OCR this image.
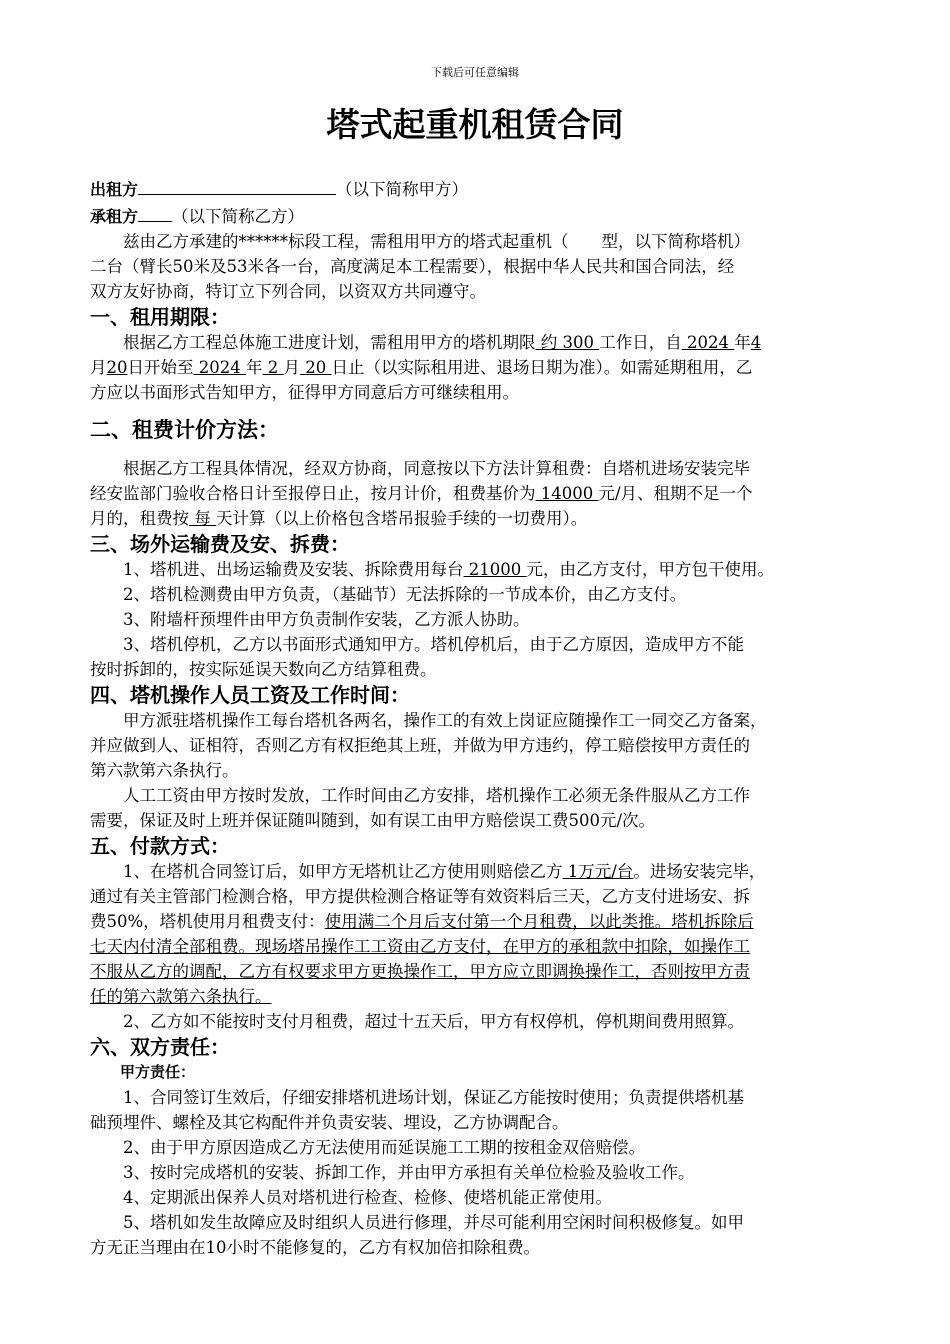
下载后可任意编辑
塔式起重机租赁合同

出租方	（以下简称甲方）

承租方 （以下简称乙方）

兹由乙方承建的******标段工程，需租用甲方的塔式起重机（　　型，以下简称塔机）

二台（臂长50米及53米各一台，高度满足本工程需要），根据中华人民共和国合同法，经

双方友好协商，特订立下列合同，以资双方共同遵守。

一、租用期限：

根据乙方工程总体施工进度计划，需租用甲方的塔机期限 约 300 工作日，自 2024 年4
月20日开始至 2024 年 2 月 20 日止（以实际租用进、退场日期为准）。如需延期租用，乙
方应以书面形式告知甲方，征得甲方同意后方可继续租用。

二、租费计价方法：

根据乙方工程具体情况，经双方协商，同意按以下方法计算租费：自塔机进场安装完毕
经安监部门验收合格日计至报停日止，按月计价，租费基价为 14000 元/月、租期不足一个
月的，租费按 每 天计算（以上价格包含塔吊报验手续的一切费用）。

三、场外运输费及安、拆费：

1、塔机进、出场运输费及安装、拆除费用每台 21000 元，由乙方支付，甲方包干使用。

2、塔机检测费由甲方负责，（基础节）无法拆除的一节成本价，由乙方支付。

3、附墙杆预埋件由甲方负责制作安装，乙方派人协助。

3、塔机停机，乙方以书面形式通知甲方。塔机停机后，由于乙方原因，造成甲方不能
按时拆卸的，按实际延误天数向乙方结算租费。

四、塔机操作人员工资及工作时间：

甲方派驻塔机操作工每台塔机各两名，操作工的有效上岗证应随操作工一同交乙方备案，
并应做到人、证相符，否则乙方有权拒绝其上班，并做为甲方违约，停工赔偿按甲方责任的
第六款第六条执行。

人工工资由甲方按时发放，工作时间由乙方安排，塔机操作工必须无条件服从乙方工作
需要，保证及时上班并保证随叫随到，如有误工由甲方赔偿误工费500元/次。

五、付款方式：

1、在塔机合同签订后，如甲方无塔机让乙方使用则赔偿乙方 1万元/台。进场安装完毕，
通过有关主管部门检测合格，甲方提供检测合格证等有效资料后三天，乙方支付进场安、拆
费50%，塔机使用月租费支付：使用满二个月后支付第一个月租费，以此类推。塔机拆除后
七天内付清全部租费。现场塔吊操作工工资由乙方支付，在甲方的承租款中扣除，如操作工
不服从乙方的调配，乙方有权要求甲方更换操作工，甲方应立即调换操作工，否则按甲方责
任的第六款第六条执行。

2、乙方如不能按时支付月租费，超过十五天后，甲方有权停机，停机期间费用照算。

六、双方责任：

甲方责任：

1、合同签订生效后，仔细安排塔机进场计划，保证乙方能按时使用；负责提供塔机基
础预埋件、螺栓及其它构配件并负责安装、埋设，乙方协调配合。

2、由于甲方原因造成乙方无法使用而延误施工工期的按租金双倍赔偿。

3、按时完成塔机的安装、拆卸工作，并由甲方承担有关单位检验及验收工作。

4、定期派出保养人员对塔机进行检查、检修、使塔机能正常使用。

5、塔机如发生故障应及时组织人员进行修理，并尽可能利用空闲时间积极修复。如甲
方无正当理由在10小时不能修复的，乙方有权加倍扣除租费。
